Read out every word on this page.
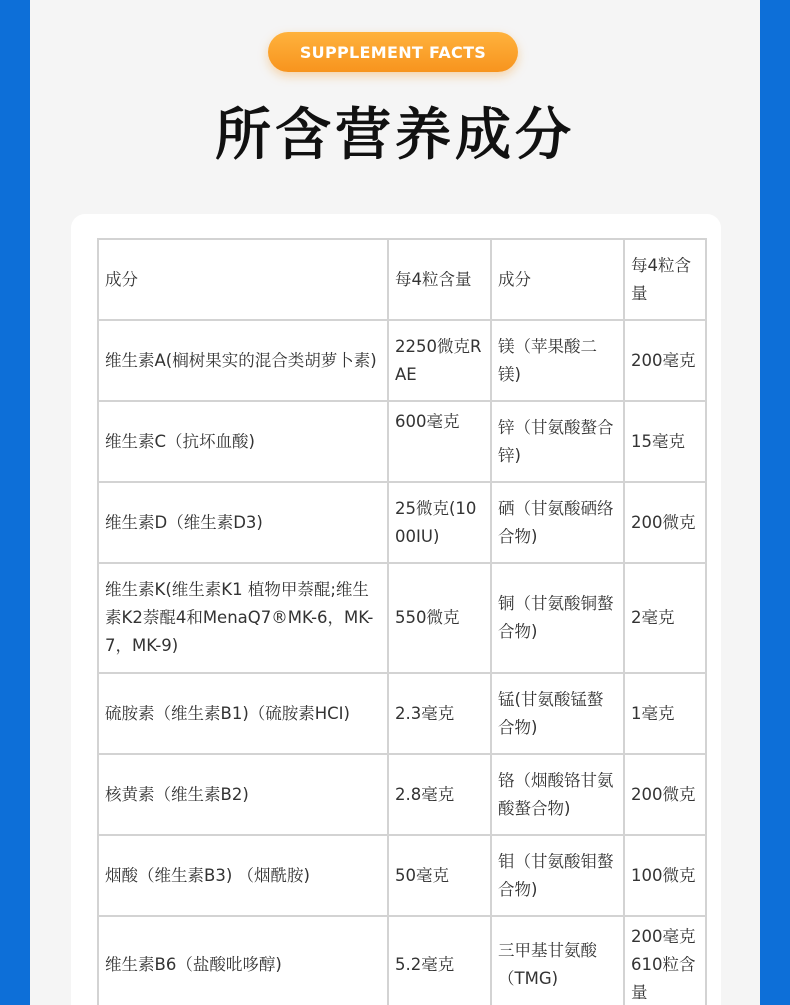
SUPPLEMENT FACTS
所含营养成分
成分	每4粒含量	成分	每4粒含量
维生素A(榈树果实的混合类胡萝卜素)	2250微克RAE	镁（苹果酸二镁)	200毫克
维生素C（抗坏血酸)	600毫克	锌（甘氨酸螯合锌)	15毫克
维生素D（维生素D3)	25微克(1000IU)	硒（甘氨酸硒络合物)	200微克
维生素K(维生素K1 植物甲萘醌;维生素K2萘醌4和MenaQ7®MK-6，MK-7，MK-9)	550微克	铜（甘氨酸铜螯合物)	2毫克
硫胺素（维生素B1)（硫胺素HCI)	2.3毫克	锰(甘氨酸锰螯合物)	1毫克
核黄素（维生素B2)	2.8毫克	铬（烟酸铬甘氨酸螯合物)	200微克
烟酸（维生素B3) （烟酰胺)	50毫克	钼（甘氨酸钼螯合物)	100微克
维生素B6（盐酸吡哆醇)	5.2毫克	三甲基甘氨酸（TMG)	200毫克610粒含量
